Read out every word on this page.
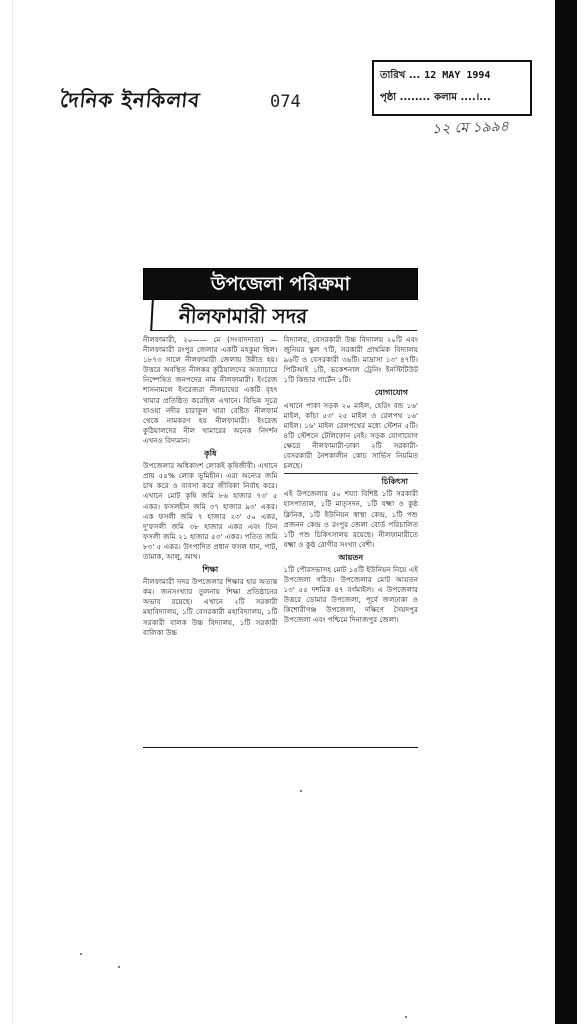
দৈনিক ইনকিলাব	074
তারিখ ... 12 MAY 1994
পৃষ্ঠা ........ কলাম ....।...
১২ মে ১৯৯৪
উপজেলা পরিক্রমা
নীলফামারী সদর

নীলফামারী, ২০—— মে (সংবাদদাতা) — নীলফামারী রংপুর জেলার একটি মহকুমা ছিল। ১৮৭৩ সালে নীলফামারী জেলায় উন্নীত হয়। উত্তরে অবস্থিত নীলকর কুঠিয়ালদের অত্যাচারে নিষ্পেষিত জনপদের নাম নীলফামারী। ইংরেজ শাসনামলে ইংরেজরা নীলচাষের একটি বৃহৎ খামার প্রতিষ্ঠিত করেছিল এখানে। বিভিন্ন সূত্রে যাওয়া নদীর চারাকুল থারা বেষ্টিত নীলফার্ম থেকে নামকরণ হয় নীলফামারী। ইংরেজ কুঠিয়ালদের নীল খামারের অনেক নিদর্শন এখনও বিদ্যমান।

কৃষি

উপজেলার অধিকাংশ লোকই কৃষিজীবী। এখানে প্রায় ৫৫% লোক ভূমিহীন। এরা অন্যের জমি চাষ করে ও ব্যবসা করে জীবিকা নির্বাহ করে। এখানে মোট কৃষি জমি ৮৬ হাজার ৭৩' ৫ একর। ফসলহীন জমি ৩৭ হাজার ৯৩' একর। এক ফসলী জমি ৭ হাজার ২৩' ৫০ একর, দু'ফসলী জমি ৩৮ হাজার একর এবং তিন ফসলী জমি ২১ হাজার ৫৩' একর। পতিত জমি ৮৩' ৫ একর। উৎপাদিত প্রধান ফসল ধান, পাট, তামাক, আলু, আখ।

শিক্ষা

নীলফামারী সদর উপজেলার শিক্ষার হার অত্যন্ত কম। জনসংখ্যার তুলনায় শিক্ষা প্রতিষ্ঠানের অভাব রয়েছে। এখানে ২টি সরকারী মহাবিদ্যালয়, ১টি বেসরকারী মহাবিদ্যালয়, ১টি সরকারী বালক উচ্চ বিদ্যালয়, ১টি সরকারী বালিকা উচ্চ

বিদ্যালয়, বেসরকারী উচ্চ বিদ্যালয় ২০টি এবং জুনিয়র স্কুল ৭টি, সরকারী প্রাথমিক বিদ্যালয় ৯৬টি ও বেসরকারী ৩৬টি। মাদ্রাসা ১৩' ৪৭টি। পিটিআই ১টি, ভকেশনাল ট্রেনিং ইনস্টিটিউট ১টি কিন্ডার গার্টেন ১টি।

যোগাযোগ

এখানে পাকা সড়ক ২০ মাইল, হেরিং বন্ড ১৬' মাইল, কাঁচা ৫৩' ২৫ মাইল ও রেলপথ ১৬' মাইল। ১৬' মাইল রেলপথের মধ্যে স্টেশন ৫টি। ৪টি স্টেশনে টেলিফোন নেই। সড়ক যোগাযোগ ক্ষেত্রে নীলফামারী-ঢাকা ২টি সরকারী-বেসরকারী নৈশকালীন কোচ সার্ভিস নিয়মিত চলছে।

চিকিৎসা

এই উপজেলায় ৫০ শয্যা বিশিষ্ট ১টি সরকারী হাসপাতাল, ১টি মাতৃসদন, ১টি যক্ষ্মা ও কুষ্ঠ ক্লিনিক, ১টি ইউনিয়ন স্বাস্থ্য কেন্দ্র, ১টি পশু প্রজনন কেন্দ্র ও রংপুর জেলা বোর্ড পরিচালিত ১টি পশু চিকিৎসালয় রয়েছে। নীলফামারীতে যক্ষ্মা ও কুষ্ঠ রোগীর সংখ্যা বেশী।

আয়তন

১টি পৌরসভাসহ মোট ১৫টি ইউনিয়ন নিয়ে এই উপজেলা গঠিত। উপজেলার মোট আয়তন ১৩' ৫৫ দশমিক ৪৭ বর্গমাইল। এ উপজেলার উত্তরে ডোমার উপজেলা, পূর্বে জলঢাকা ও কিশোরীগঞ্জ উপজেলা, দক্ষিণে সৈয়দপুর উপজেলা এবং পশ্চিমে দিনাজপুর জেলা।
